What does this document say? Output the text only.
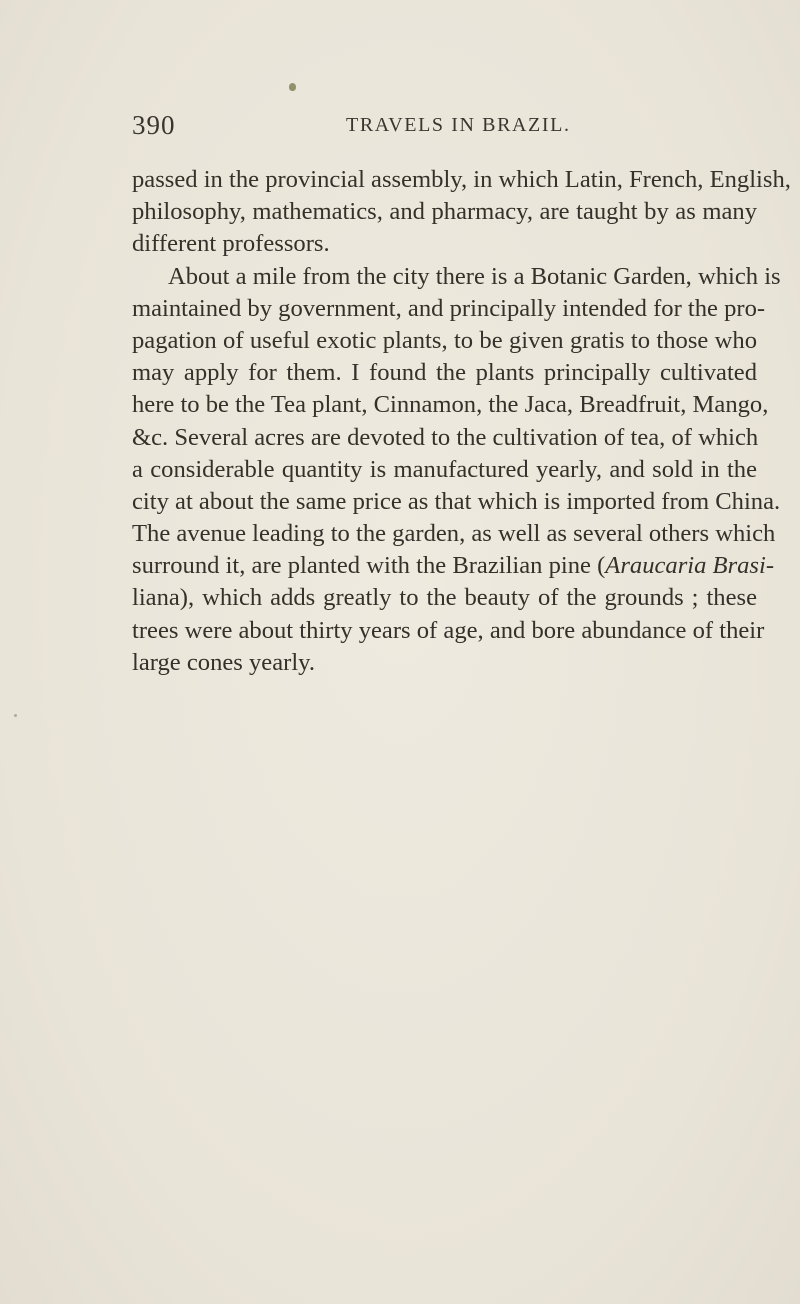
390	TRAVELS IN BRAZIL.
passed in the provincial assembly, in which Latin, French, English,
philosophy, mathematics, and pharmacy, are taught by as many
different professors.
About a mile from the city there is a Botanic Garden, which is
maintained by government, and principally intended for the pro-
pagation of useful exotic plants, to be given gratis to those who
may apply for them. I found the plants principally cultivated
here to be the Tea plant, Cinnamon, the Jaca, Breadfruit, Mango,
&c. Several acres are devoted to the cultivation of tea, of which
a considerable quantity is manufactured yearly, and sold in the
city at about the same price as that which is imported from China.
The avenue leading to the garden, as well as several others which
surround it, are planted with the Brazilian pine (Araucaria Brasi-
liana), which adds greatly to the beauty of the grounds ; these
trees were about thirty years of age, and bore abundance of their
large cones yearly.
